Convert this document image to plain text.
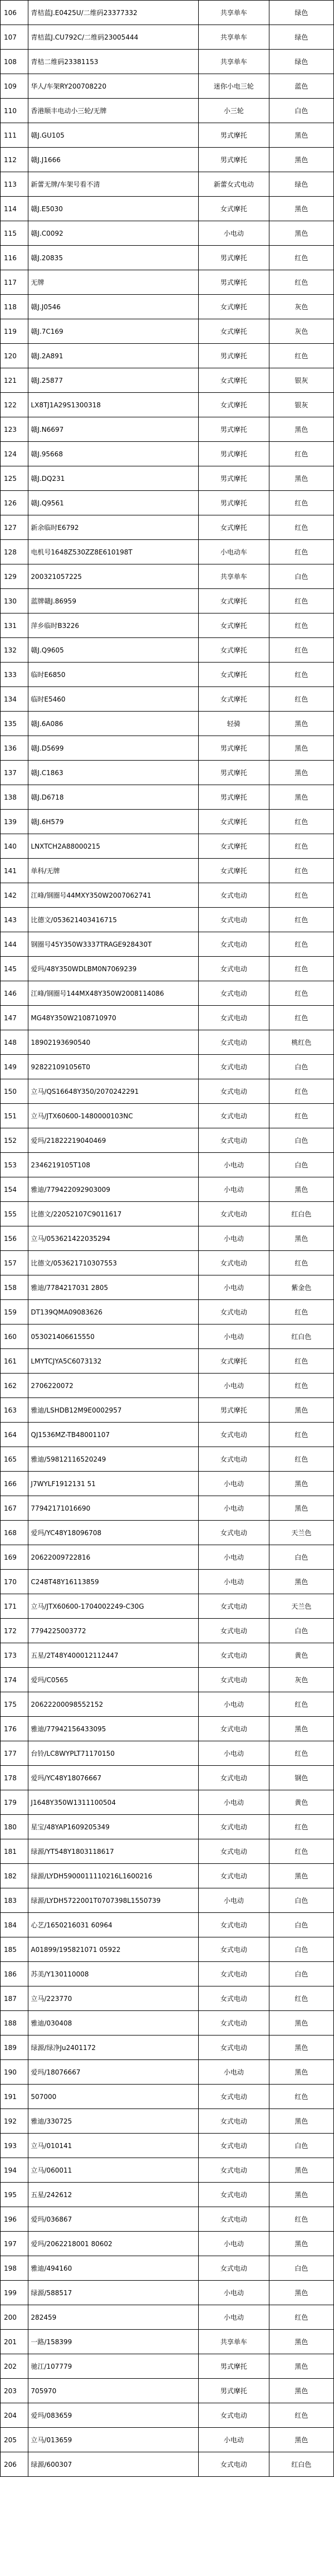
106	青桔蓝J.E0425U/二维码23377332	共享单车	绿色
107	青桔蓝J.CU792C/二维码23005444	共享单车	绿色
108	青桔二维码23381153	共享单车	绿色
109	华人/车架RY200708220	迷你小电三轮	蓝色
110	香港顺丰电动小三轮/无牌	小三轮	白色
111	赣J.GU105	男式摩托	黑色
112	赣J.J1666	男式摩托	黑色
113	新蕾无牌/车架号看不清	新蕾女式电动	绿色
114	赣J.E5030	女式摩托	黑色
115	赣J.C0092	小电动	黑色
116	赣J.20835	男式摩托	红色
117	无牌	男式摩托	红色
118	赣J.J0546	女式摩托	灰色
119	赣J.7C169	女式摩托	灰色
120	赣J.2A891	男式摩托	红色
121	赣J.25877	女式摩托	银灰
122	LX8TJ1A29S1300318	女式摩托	银灰
123	赣J.N6697	男式摩托	黑色
124	赣J.95668	男式摩托	红色
125	赣J.DQ231	男式摩托	黑色
126	赣J.Q9561	男式摩托	红色
127	新余临时E6792	女式摩托	红色
128	电机号1648Z530ZZ8E610198T	小电动车	红色
129	200321057225	共享单车	白色
130	蓝牌赣J.86959	女式摩托	红色
131	萍乡临时B3226	女式摩托	红色
132	赣J.Q9605	女式摩托	红色
133	临时E6850	女式摩托	红色
134	临时E5460	女式摩托	红色
135	赣J.6A086	轻骑	黑色
136	赣J.D5699	男式摩托	黑色
137	赣J.C1863	男式摩托	黑色
138	赣J.D6718	男式摩托	黑色
139	赣J.6H579	女式摩托	红色
140	LNXTCH2A88000215	女式摩托	红色
141	单科/无牌	女式摩托	红色
142	江峰/钢圈号44MXY350W2007062741	女式电动	红色
143	比德文/053621403416715	女式电动	红色
144	钢圈号45Y350W3337TRAGE928430T	女式电动	红色
145	爱玛/48Y350WDLBM0N7069239	女式电动	红色
146	江峰/钢圈号144MX48Y350W2008114086	女式电动	红色
147	MG48Y350W2108710970	女式电动	红色
148	18902193690540	女式电动	桃红色
149	928221091056T0	女式电动	白色
150	立马/QS16648Y350/2070242291	女式电动	红色
151	立马/JTX60600-1480000103NC	女式电动	红色
152	爱玛/21822219040469	女式电动	白色
153	2346219105T108	小电动	白色
154	雅迪/779422092903009	小电动	黑色
155	比德文/22052107C9011617	女式电动	红白色
156	立马/053621422035294	小电动	黑色
157	比德文/053621710307553	女式电动	红色
158	雅迪/7784217031 2805	小电动	紫金色
159	DT139QMA09083626	女式电动	红色
160	053021406615550	小电动	红白色
161	LMYTCJYA5C6073132	女式摩托	红色
162	2706220072	小电动	红色
163	雅迪/LSHDB12M9E0002957	男式摩托	黑色
164	QJ1536MZ-TB48001107	女式电动	红色
165	雅迪/59812116520249	女式电动	红色
166	J7WYLF1912131 51	小电动	黑色
167	77942171016690	小电动	黑色
168	爱玛/YC48Y18096708	女式电动	天兰色
169	20622009722816	小电动	白色
170	C248T48Y16113859	小电动	黑色
171	立马/JTX60600-1704002249-C30G	女式电动	天兰色
172	7794225003772	女式电动	白色
173	五星/2T48Y400012112447	女式电动	黄色
174	爱玛/C0565	女式电动	灰色
175	20622200098552152	小电动	红色
176	雅迪/77942156433095	女式电动	黑色
177	台铃/LC8WYPLT71170150	小电动	红色
178	爱玛/YC48Y18076667	女式电动	钢色
179	J1648Y350W1311100504	小电动	黄色
180	星宝/48YAP1609205349	女式电动	红色
181	绿源/YT548Y1803118617	女式电动	红色
182	绿源/LYDH5900011110216L1600216	女式电动	黑色
183	绿源/LYDH5722001T0707398L1550739	小电动	白色
184	心艺/1650216031 60964	女式电动	白色
185	A01899/195821071 05922	女式电动	白色
186	苏美/Y130110008	女式电动	白色
187	立马/223770	女式电动	红色
188	雅迪/030408	女式电动	黑色
189	绿源/绿净Ju2401172	女式电动	黑色
190	爱玛/18076667	小电动	黑色
191	507000	女式电动	红色
192	雅迪/330725	女式电动	黑色
193	立马/010141	女式电动	白色
194	立马/060011	女式电动	黑色
195	五星/242612	女式电动	黑色
196	爱玛/036867	女式电动	红色
197	爱玛/2062218001 80602	小电动	黑色
198	雅迪/494160	女式电动	白色
199	绿源/588517	小电动	黑色
200	282459	小电动	红色
201	一路/158399	共享单车	黑色
202	驰江/107779	男式摩托	黑色
203	705970	男式摩托	黑色
204	爱玛/083659	女式电动	红色
205	立马/013659	小电动	黑色
206	绿源/600307	女式电动	红白色
